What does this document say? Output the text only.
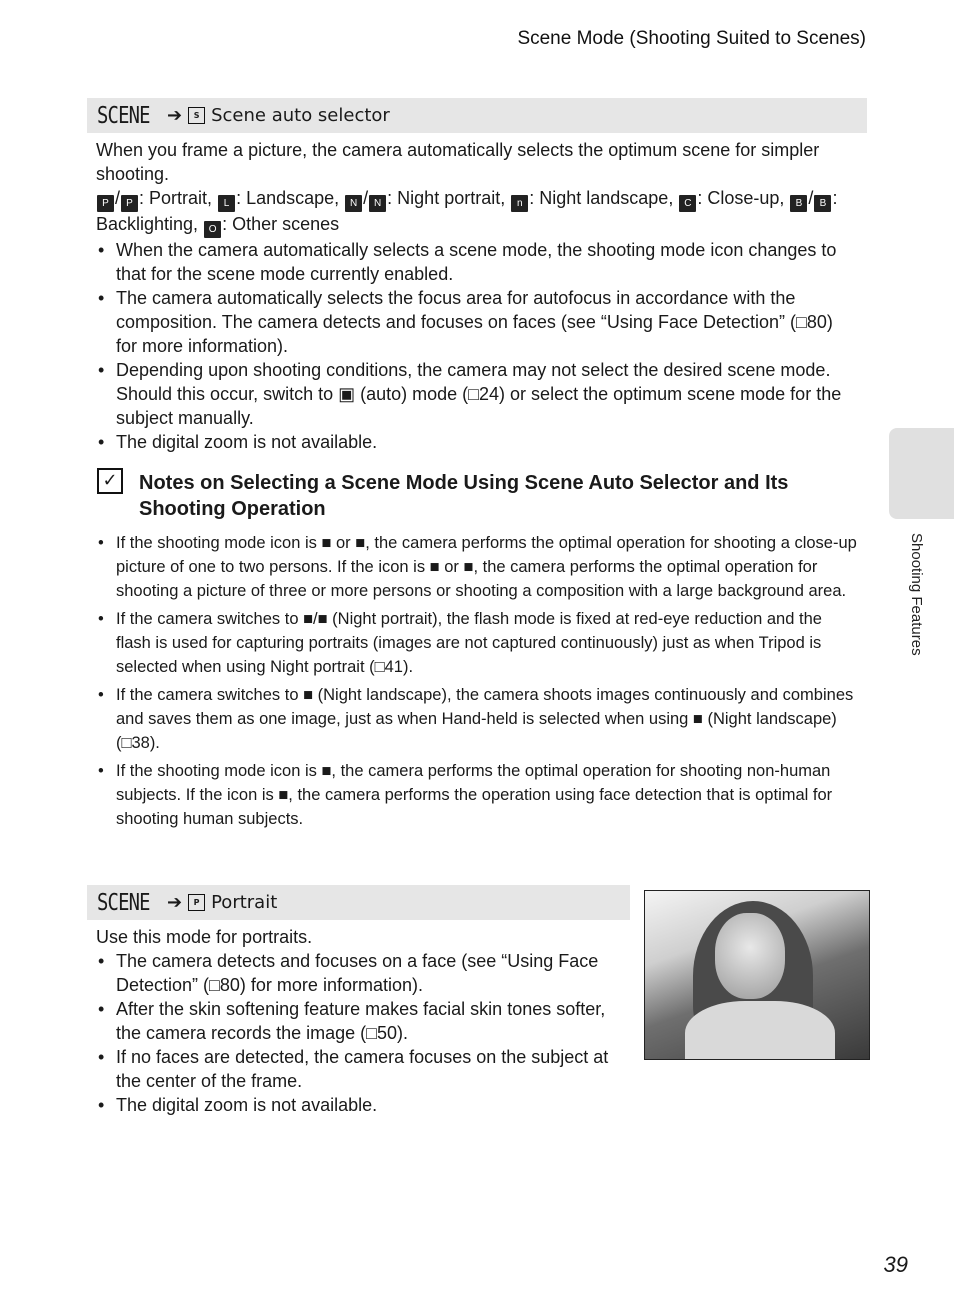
Scene Mode (Shooting Suited to Scenes)
SCENE ➔	S Scene auto selector
When you frame a picture, the camera automatically selects the optimum scene for simpler shooting.
P / P : Portrait, L : Landscape, N / N : Night portrait, n : Night landscape, C : Close-up, B / B : Backlighting, O : Other scenes
• When the camera automatically selects a scene mode, the shooting mode icon changes to that for the scene mode currently enabled.
• The camera automatically selects the focus area for autofocus in accordance with the composition. The camera detects and focuses on faces (see “Using Face Detection” (□80) for more information).
• Depending upon shooting conditions, the camera may not select the desired scene mode. Should this occur, switch to ▣ (auto) mode (□24) or select the optimum scene mode for the subject manually.
• The digital zoom is not available.
✓ Notes on Selecting a Scene Mode Using Scene Auto Selector and Its Shooting Operation
• If the shooting mode icon is ■ or ■, the camera performs the optimal operation for shooting a close-up picture of one to two persons. If the icon is ■ or ■, the camera performs the optimal operation for shooting a picture of three or more persons or shooting a composition with a large background area.
• If the camera switches to ■/■ (Night portrait), the flash mode is fixed at red-eye reduction and the flash is used for capturing portraits (images are not captured continuously) just as when Tripod is selected when using Night portrait (□41).
• If the camera switches to ■ (Night landscape), the camera shoots images continuously and combines and saves them as one image, just as when Hand-held is selected when using ■ (Night landscape) (□38).
• If the shooting mode icon is ■, the camera performs the optimal operation for shooting non-human subjects. If the icon is ■, the camera performs the operation using face detection that is optimal for shooting human subjects.
SCENE ➔	P Portrait
Use this mode for portraits.
• The camera detects and focuses on a face (see “Using Face Detection” (□80) for more information).
• After the skin softening feature makes facial skin tones softer, the camera records the image (□50).
• If no faces are detected, the camera focuses on the subject at the center of the frame.
• The digital zoom is not available.
Shooting Features
39
